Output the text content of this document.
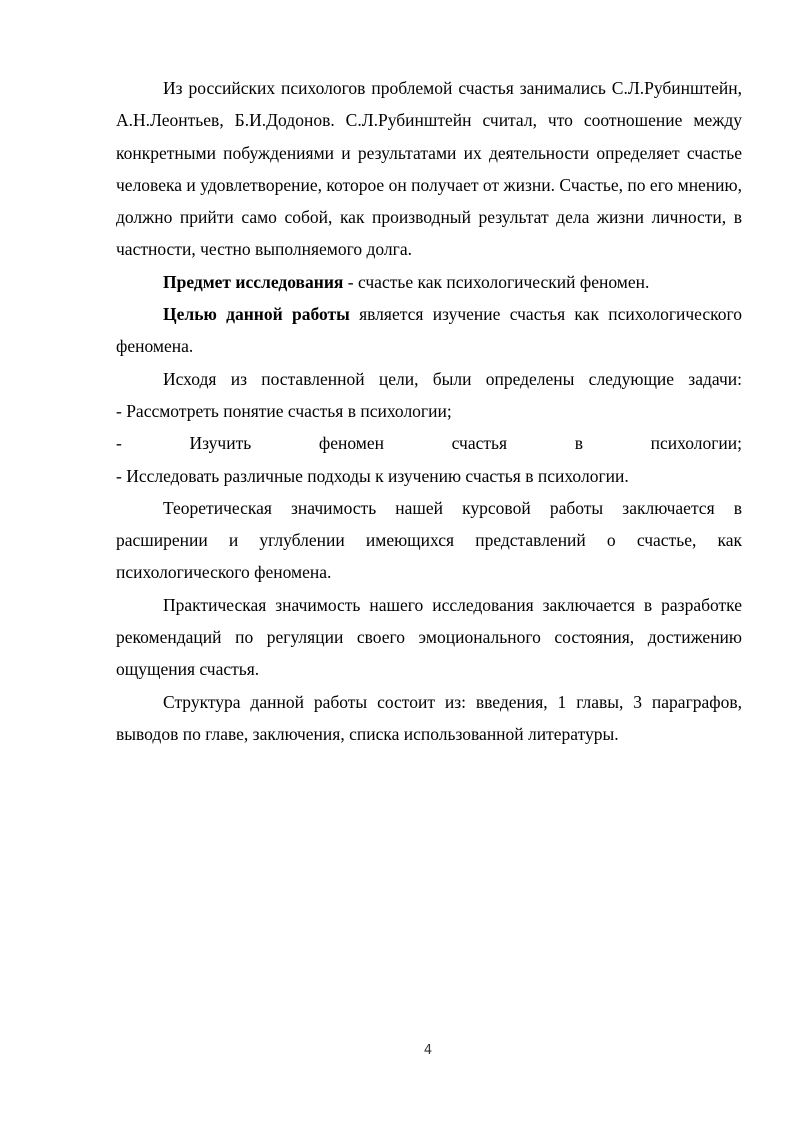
Из российских психологов проблемой счастья занимались С.Л.Рубинштейн, А.Н.Леонтьев, Б.И.Додонов. С.Л.Рубинштейн считал, что соотношение между конкретными побуждениями и результатами их деятельности определяет счастье человека и удовлетворение, которое он получает от жизни. Счастье, по его мнению, должно прийти само собой, как производный результат дела жизни личности, в частности, честно выполняемого долга.

Предмет исследования - счастье как психологический феномен.

Целью данной работы является изучение счастья как психологического феномена.

Исходя из поставленной цели, были определены следующие задачи:

- Рассмотреть понятие счастья в психологии;

- Изучить феномен счастья в психологии;

- Исследовать различные подходы к изучению счастья в психологии.

Теоретическая значимость нашей курсовой работы заключается в расширении и углублении имеющихся представлений о счастье, как психологического феномена.

Практическая значимость нашего исследования заключается в разработке рекомендаций по регуляции своего эмоционального состояния, достижению ощущения счастья.

Структура данной работы состоит из: введения, 1 главы, 3 параграфов, выводов по главе, заключения, списка использованной литературы.

4
